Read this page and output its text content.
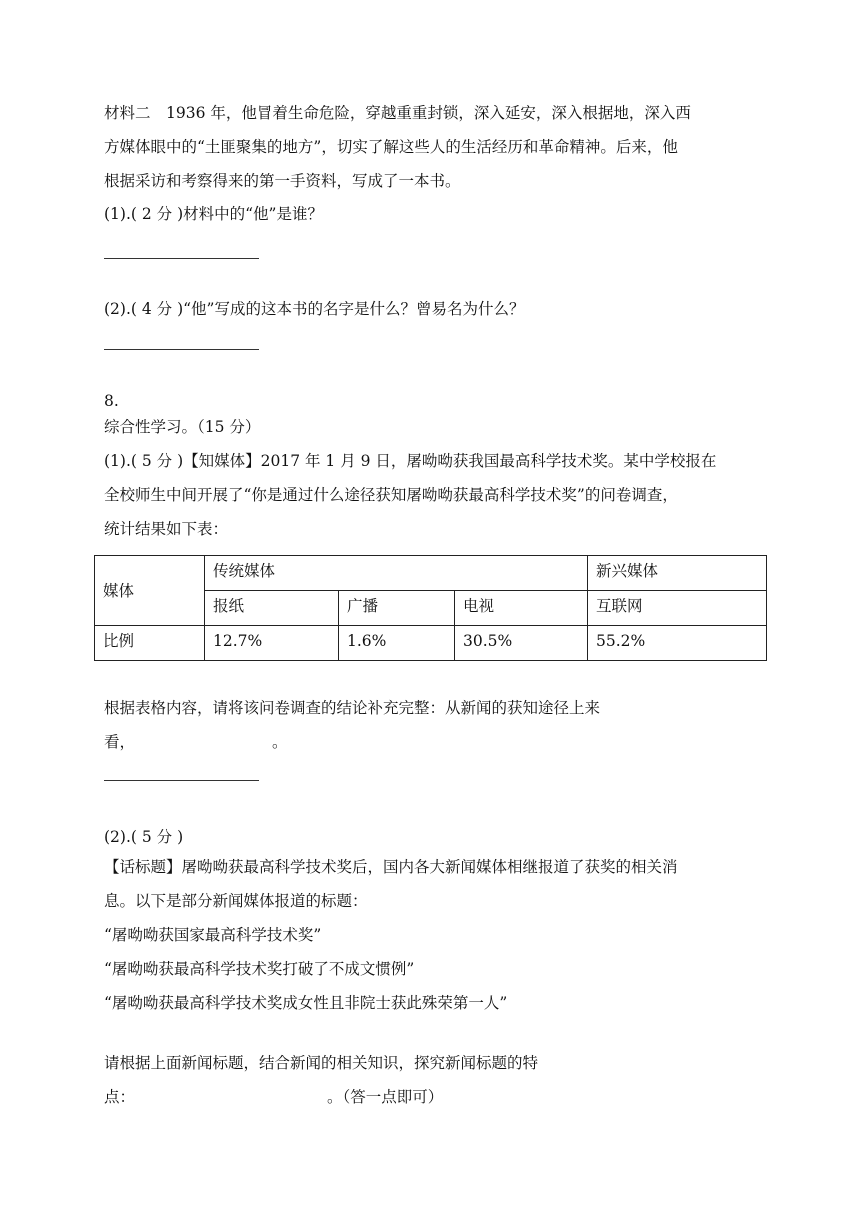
材料二　1936 年，他冒着生命危险，穿越重重封锁，深入延安，深入根据地，深入西
方媒体眼中的“土匪聚集的地方”，切实了解这些人的生活经历和革命精神。后来，他
根据采访和考察得来的第一手资料，写成了一本书。
(1).( 2 分 )材料中的“他”是谁？
(2).( 4 分 )“他”写成的这本书的名字是什么？曾易名为什么？
8.
综合性学习。（15 分）
(1).( 5 分 )【知媒体】2017 年 1 月 9 日，屠呦呦获我国最高科学技术奖。某中学校报在
全校师生中间开展了“你是通过什么途径获知屠呦呦获最高科学技术奖”的问卷调查，
统计结果如下表：
媒体	传统媒体			新兴媒体
	报纸	广播	电视	互联网
比例	12.7%	1.6%	30.5%	55.2%
根据表格内容，请将该问卷调查的结论补充完整：从新闻的获知途径上来
看，	。
(2).( 5 分 )
【话标题】屠呦呦获最高科学技术奖后，国内各大新闻媒体相继报道了获奖的相关消
息。以下是部分新闻媒体报道的标题：
“屠呦呦获国家最高科学技术奖”
“屠呦呦获最高科学技术奖打破了不成文惯例”
“屠呦呦获最高科学技术奖成女性且非院士获此殊荣第一人”
请根据上面新闻标题，结合新闻的相关知识，探究新闻标题的特
点：	。（答一点即可）
